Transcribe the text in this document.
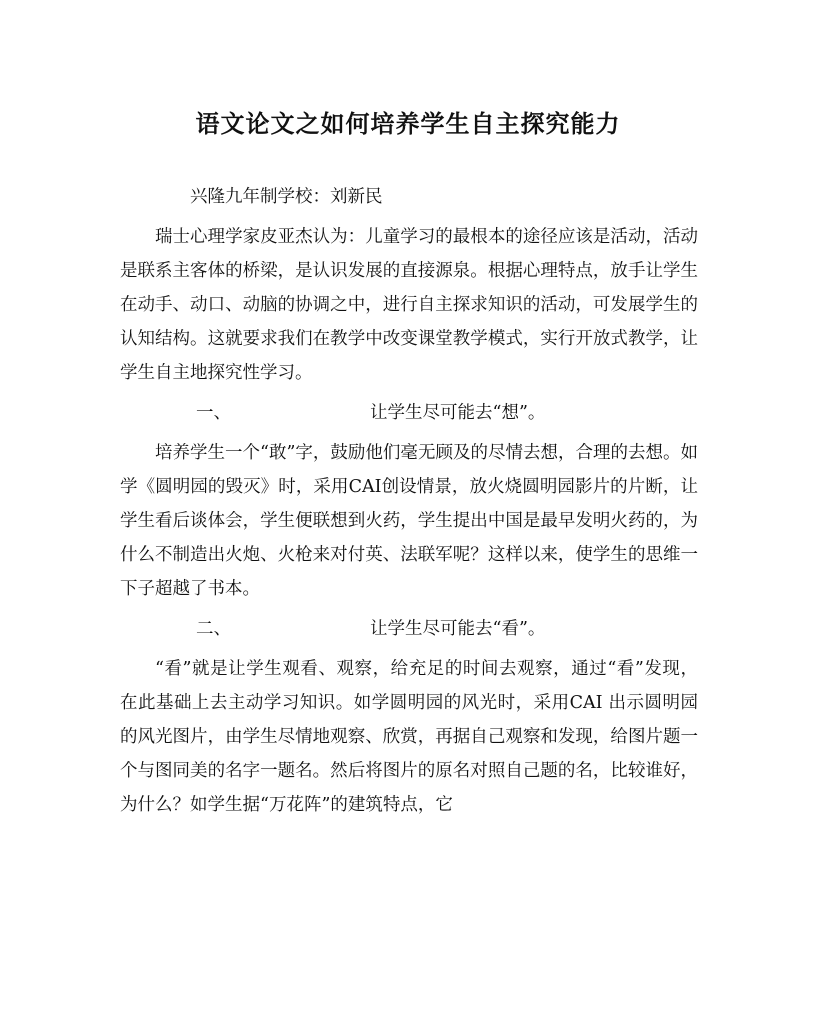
语文论文之如何培养学生自主探究能力

兴隆九年制学校：刘新民

瑞士心理学家皮亚杰认为：儿童学习的最根本的途径应该是活动，活动是联系主客体的桥梁，是认识发展的直接源泉。根据心理特点，放手让学生在动手、动口、动脑的协调之中，进行自主探求知识的活动，可发展学生的认知结构。这就要求我们在教学中改变课堂教学模式，实行开放式教学，让学生自主地探究性学习。

一、	让学生尽可能去“想”。

培养学生一个“敢”字，鼓励他们毫无顾及的尽情去想，合理的去想。如学《圆明园的毁灭》时，采用CAI创设情景，放火烧圆明园影片的片断，让学生看后谈体会，学生便联想到火药，学生提出中国是最早发明火药的，为什么不制造出火炮、火枪来对付英、法联军呢？这样以来，使学生的思维一下子超越了书本。

二、	让学生尽可能去“看”。

“看”就是让学生观看、观察，给充足的时间去观察，通过“看”发现，在此基础上去主动学习知识。如学圆明园的风光时，采用CAI 出示圆明园的风光图片，由学生尽情地观察、欣赏，再据自己观察和发现，给图片题一个与图同美的名字一题名。然后将图片的原名对照自己题的名，比较谁好，为什么？如学生据“万花阵”的建筑特点，它
